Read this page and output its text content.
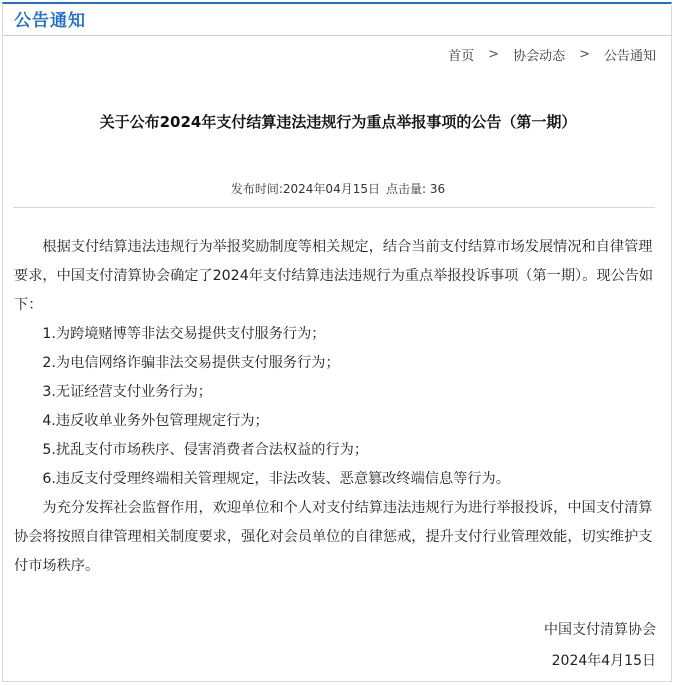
公告通知
首页 > 协会动态 > 公告通知
关于公布2024年支付结算违法违规行为重点举报事项的公告（第一期）
发布时间:2024年04月15日 点击量: 36

根据支付结算违法违规行为举报奖励制度等相关规定，结合当前支付结算市场发展情况和自律管理要求，中国支付清算协会确定了2024年支付结算违法违规行为重点举报投诉事项（第一期）。现公告如下：

1.为跨境赌博等非法交易提供支付服务行为；

2.为电信网络诈骗非法交易提供支付服务行为；

3.无证经营支付业务行为；

4.违反收单业务外包管理规定行为；

5.扰乱支付市场秩序、侵害消费者合法权益的行为；

6.违反支付受理终端相关管理规定，非法改装、恶意篡改终端信息等行为。

为充分发挥社会监督作用，欢迎单位和个人对支付结算违法违规行为进行举报投诉，中国支付清算协会将按照自律管理相关制度要求，强化对会员单位的自律惩戒，提升支付行业管理效能，切实维护支付市场秩序。

中国支付清算协会
2024年4月15日
